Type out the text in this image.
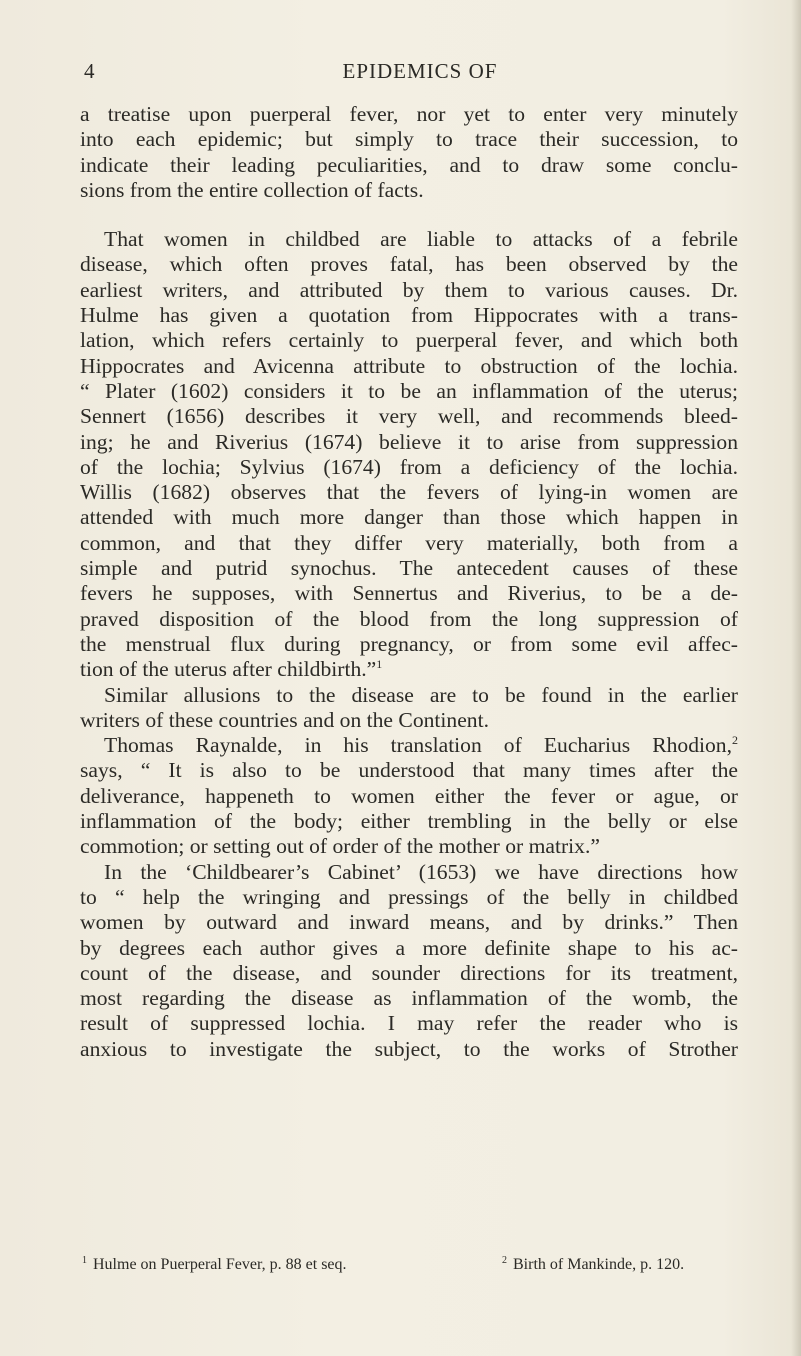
4	EPIDEMICS OF
a treatise upon puerperal fever, nor yet to enter very minutely
into each epidemic; but simply to trace their succession, to
indicate their leading peculiarities, and to draw some conclu-
sions from the entire collection of facts.
That women in childbed are liable to attacks of a febrile
disease, which often proves fatal, has been observed by the
earliest writers, and attributed by them to various causes. Dr.
Hulme has given a quotation from Hippocrates with a trans-
lation, which refers certainly to puerperal fever, and which both
Hippocrates and Avicenna attribute to obstruction of the lochia.
“ Plater (1602) considers it to be an inflammation of the uterus;
Sennert (1656) describes it very well, and recommends bleed-
ing; he and Riverius (1674) believe it to arise from suppression
of the lochia; Sylvius (1674) from a deficiency of the lochia.
Willis (1682) observes that the fevers of lying-in women are
attended with much more danger than those which happen in
common, and that they differ very materially, both from a
simple and putrid synochus. The antecedent causes of these
fevers he supposes, with Sennertus and Riverius, to be a de-
praved disposition of the blood from the long suppression of
the menstrual flux during pregnancy, or from some evil affec-
tion of the uterus after childbirth.”$^1$
Similar allusions to the disease are to be found in the earlier
writers of these countries and on the Continent.
Thomas Raynalde, in his translation of Eucharius Rhodion,$^2$
says, “ It is also to be understood that many times after the
deliverance, happeneth to women either the fever or ague, or
inflammation of the body; either trembling in the belly or else
commotion; or setting out of order of the mother or matrix.”
In the ‘Childbearer’s Cabinet’ (1653) we have directions how
to “ help the wringing and pressings of the belly in childbed
women by outward and inward means, and by drinks.” Then
by degrees each author gives a more definite shape to his ac-
count of the disease, and sounder directions for its treatment,
most regarding the disease as inflammation of the womb, the
result of suppressed lochia. I may refer the reader who is
anxious to investigate the subject, to the works of Strother
$^1$ Hulme on Puerperal Fever, p. 88 et seq.	$^2$ Birth of Mankinde, p. 120.
